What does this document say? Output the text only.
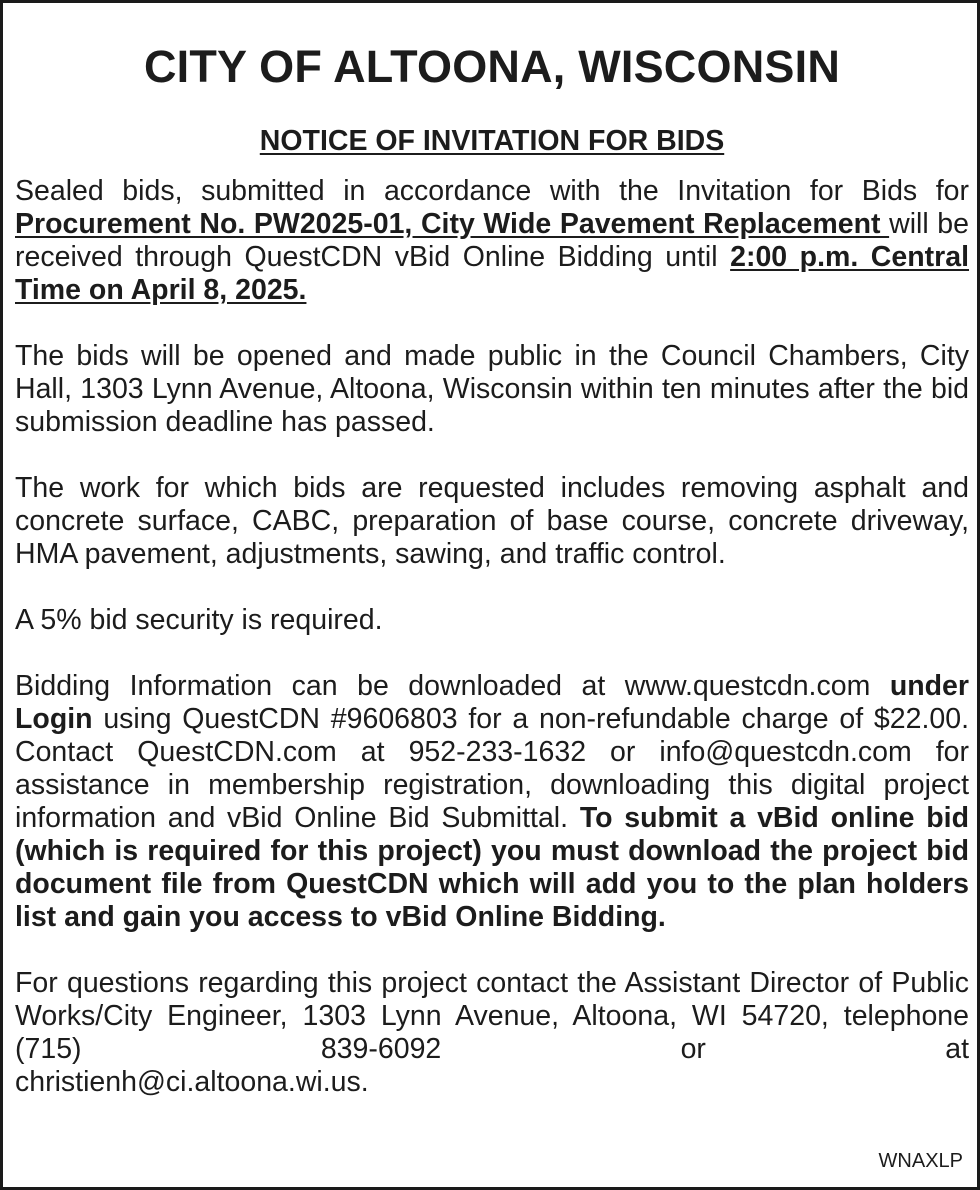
CITY OF ALTOONA, WISCONSIN
NOTICE OF INVITATION FOR BIDS

Sealed bids, submitted in accordance with the Invitation for Bids for Procurement No. PW2025-01, City Wide Pavement Replacement will be received through QuestCDN vBid Online Bidding until 2:00 p.m. Central Time on April 8, 2025.

The bids will be opened and made public in the Council Chambers, City Hall, 1303 Lynn Avenue, Altoona, Wisconsin within ten minutes after the bid submission deadline has passed.

The work for which bids are requested includes removing asphalt and concrete surface, CABC, preparation of base course, concrete driveway, HMA pavement, adjustments, sawing, and traffic control.

A 5% bid security is required.

Bidding Information can be downloaded at www.questcdn.com under Login using QuestCDN #9606803 for a non-refundable charge of $22.00. Contact QuestCDN.com at 952-233-1632 or info@questcdn.com for assistance in membership registration, downloading this digital project information and vBid Online Bid Submittal. To submit a vBid online bid (which is required for this project) you must download the project bid document file from QuestCDN which will add you to the plan holders list and gain you access to vBid Online Bidding.

For questions regarding this project contact the Assistant Director of Public Works/City Engineer, 1303 Lynn Avenue, Altoona, WI 54720, telephone (715) 839-6092 or at

christienh@ci.altoona.wi.us.

WNAXLP
